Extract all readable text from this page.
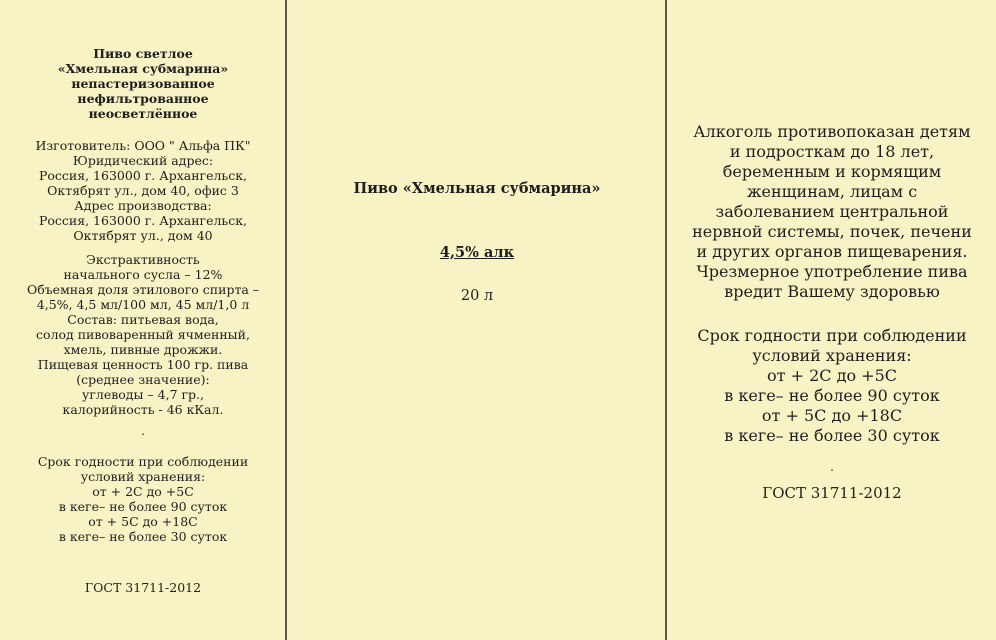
Пиво светлое
«Хмельная субмарина»
непастеризованное
нефильтрованное
неосветлённое
Изготовитель: ООО " Альфа ПК"
Юридический адрес:
Россия, 163000 г. Архангельск,
Октябрят ул., дом 40, офис 3
Адрес производства:
Россия, 163000 г. Архангельск,
Октябрят ул., дом 40
Экстрактивность
начального сусла – 12%
Объемная доля этилового спирта –
4,5%, 4,5 мл/100 мл, 45 мл/1,0 л
Состав: питьевая вода,
солод пивоваренный ячменный,
хмель, пивные дрожжи.
Пищевая ценность 100 гр. пива
(среднее значение):
углеводы – 4,7 гр.,
калорийность - 46 кКал.
.
Срок годности при соблюдении
условий хранения:
от + 2С до +5С
в кеге– не более 90 суток
от + 5С до +18С
в кеге– не более 30 суток
ГОСТ 31711-2012
Пиво «Хмельная субмарина»
4,5% алк
20 л
Алкоголь противопоказан детям
и подросткам до 18 лет,
беременным и кормящим
женщинам, лицам с
заболеванием центральной
нервной системы, почек, печени
и других органов пищеварения.
Чрезмерное употребление пива
вредит Вашему здоровью
Срок годности при соблюдении
условий хранения:
от + 2С до +5С
в кеге– не более 90 суток
от + 5С до +18С
в кеге– не более 30 суток
.
ГОСТ 31711-2012
